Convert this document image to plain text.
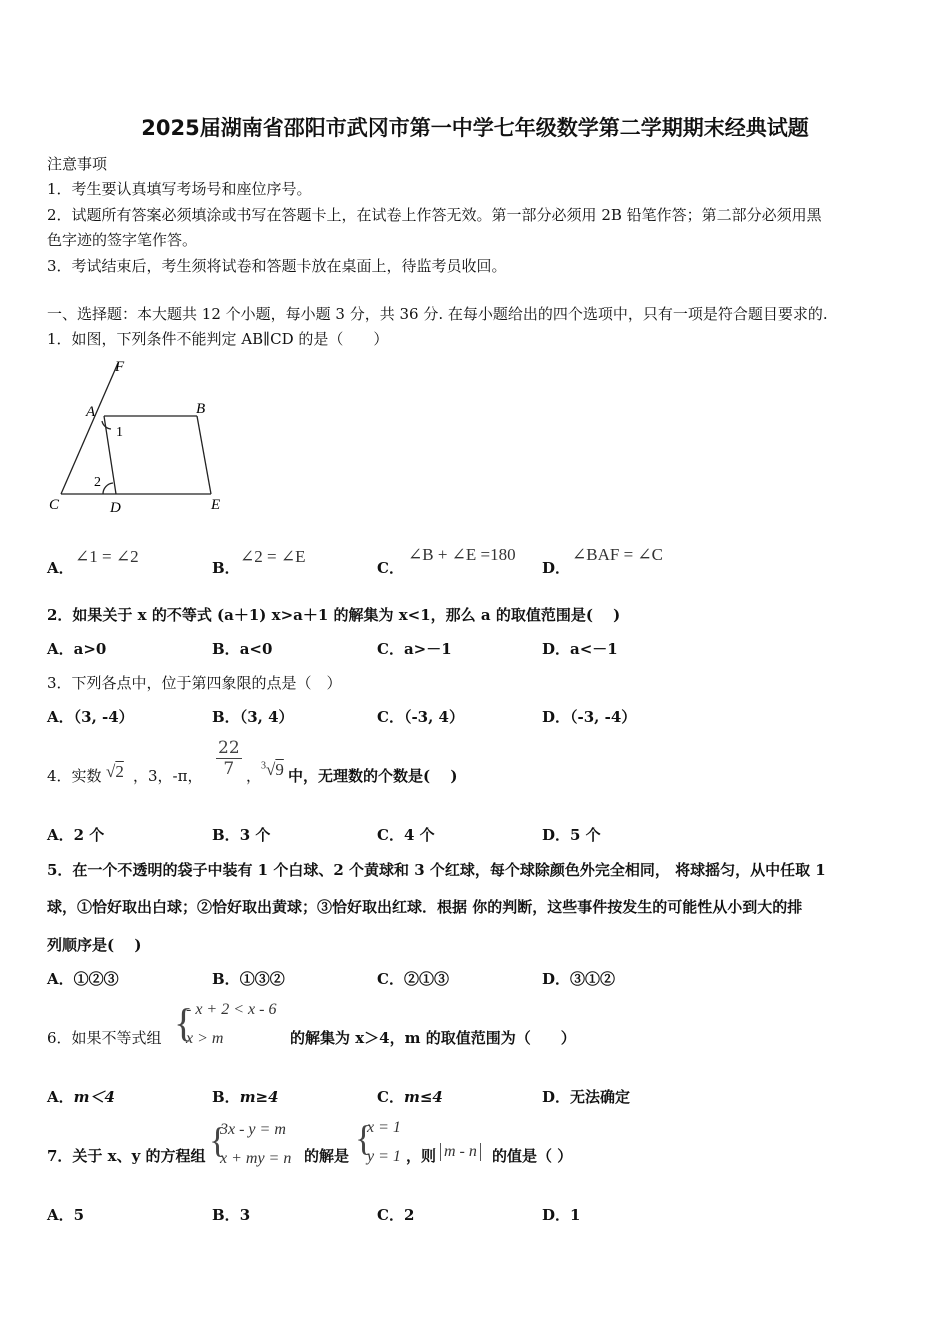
2025届湖南省邵阳市武冈市第一中学七年级数学第二学期期末经典试题
注意事项
1．考生要认真填写考场号和座位序号。
2．试题所有答案必须填涂或书写在答题卡上，在试卷上作答无效。第一部分必须用 2B 铅笔作答；第二部分必须用黑
色字迹的签字笔作答。
3．考试结束后，考生须将试卷和答题卡放在桌面上，待监考员收回。
一、选择题：本大题共 12 个小题，每小题 3 分，共 36 分. 在每小题给出的四个选项中，只有一项是符合题目要求的.
1．如图，下列条件不能判定 AB∥CD 的是（　　）
F
A	B
C	D	E
1
2
A．
∠1 = ∠2
B．
∠2 = ∠E
C．
∠B + ∠E =180
D．
∠BAF = ∠C
2．如果关于 x 的不等式 (a＋1) x>a＋1 的解集为 x<1，那么 a 的取值范围是(　 )
A．a>0	B．a<0	C．a>－1	D．a<－1
3．下列各点中，位于第四象限的点是（　）
A．（3, -4）	B．（3, 4）	C．（-3, 4）	D．（-3, -4）
4．实数 √2 ，3，-π， $\frac{22}{7}$ ，
$^3$√9 中，无理数的个数是(　 )
A．2 个	B．3 个	C．4 个	D．5 个
5．在一个不透明的袋子中装有 1 个白球、2 个黄球和 3 个红球，每个球除颜色外完全相同， 将球摇匀，从中任取 1
球，①恰好取出白球；②恰好取出黄球；③恰好取出红球．根据 你的判断，这些事件按发生的可能性从小到大的排
列顺序是(　 )
A．①②③	B．①③②	C．②①③	D．③①②
6．如果不等式组 {
- x + 2 < x - 6
x > m	的解集为 x＞4，m 的取值范围为（　　）
A．m＜4	B．m≥4	C．m≤4	D．无法确定
7．关于 x、y 的方程组 {
3x - y = m
x + my = n 的解是 {
x = 1
y = 1 ，则 m - n 的值是（ ）
A．5	B．3	C．2	D．1
